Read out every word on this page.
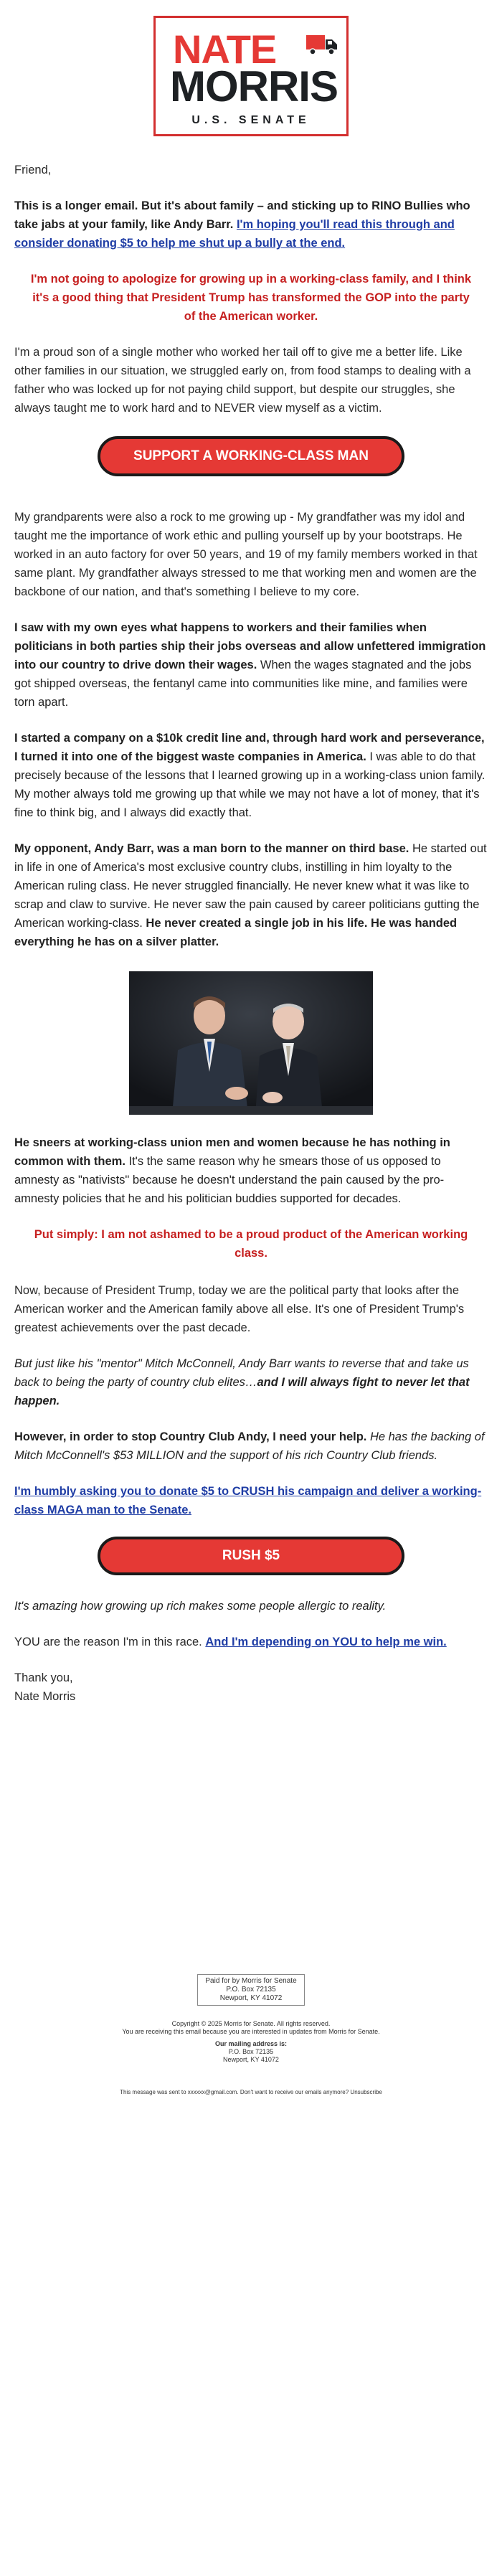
NATE
MORRIS
U.S. SENATE

Friend,

This is a longer email. But it's about family – and sticking up to RINO Bullies who take jabs at your family, like Andy Barr. I'm hoping you'll read this through and consider donating $5 to help me shut up a bully at the end.

I'm not going to apologize for growing up in a working-class family, and I think it's a good thing that President Trump has transformed the GOP into the party of the American worker.

I'm a proud son of a single mother who worked her tail off to give me a better life. Like other families in our situation, we struggled early on, from food stamps to dealing with a father who was locked up for not paying child support, but despite our struggles, she always taught me to work hard and to NEVER view myself as a victim.

SUPPORT A WORKING-CLASS MAN

My grandparents were also a rock to me growing up - My grandfather was my idol and taught me the importance of work ethic and pulling yourself up by your bootstraps. He worked in an auto factory for over 50 years, and 19 of my family members worked in that same plant. My grandfather always stressed to me that working men and women are the backbone of our nation, and that's something I believe to my core.

I saw with my own eyes what happens to workers and their families when politicians in both parties ship their jobs overseas and allow unfettered immigration into our country to drive down their wages. When the wages stagnated and the jobs got shipped overseas, the fentanyl came into communities like mine, and families were torn apart.

I started a company on a $10k credit line and, through hard work and perseverance, I turned it into one of the biggest waste companies in America. I was able to do that precisely because of the lessons that I learned growing up in a working-class union family. My mother always told me growing up that while we may not have a lot of money, that it's fine to think big, and I always did exactly that.

My opponent, Andy Barr, was a man born to the manner on third base. He started out in life in one of America's most exclusive country clubs, instilling in him loyalty to the American ruling class. He never struggled financially. He never knew what it was like to scrap and claw to survive. He never saw the pain caused by career politicians gutting the American working-class. He never created a single job in his life. He was handed everything he has on a silver platter.

He sneers at working-class union men and women because he has nothing in common with them. It's the same reason why he smears those of us opposed to amnesty as "nativists" because he doesn't understand the pain caused by the pro-amnesty policies that he and his politician buddies supported for decades.

Put simply: I am not ashamed to be a proud product of the American working class.

Now, because of President Trump, today we are the political party that looks after the American worker and the American family above all else. It's one of President Trump's greatest achievements over the past decade.

But just like his "mentor" Mitch McConnell, Andy Barr wants to reverse that and take us back to being the party of country club elites…and I will always fight to never let that happen.

However, in order to stop Country Club Andy, I need your help. He has the backing of Mitch McConnell's $53 MILLION and the support of his rich Country Club friends.

I'm humbly asking you to donate $5 to CRUSH his campaign and deliver a working-class MAGA man to the Senate.

RUSH $5

It's amazing how growing up rich makes some people allergic to reality.

YOU are the reason I'm in this race. And I'm depending on YOU to help me win.

Thank you,

Nate Morris

Paid for by Morris for Senate
P.O. Box 72135
Newport, KY 41072
Copyright © 2025 Morris for Senate. All rights reserved.
You are receiving this email because you are interested in updates from Morris for Senate.
Our mailing address is:
P.O. Box 72135
Newport, KY 41072
This message was sent to xxxxxx@gmail.com. Don't want to receive our emails anymore? Unsubscribe
